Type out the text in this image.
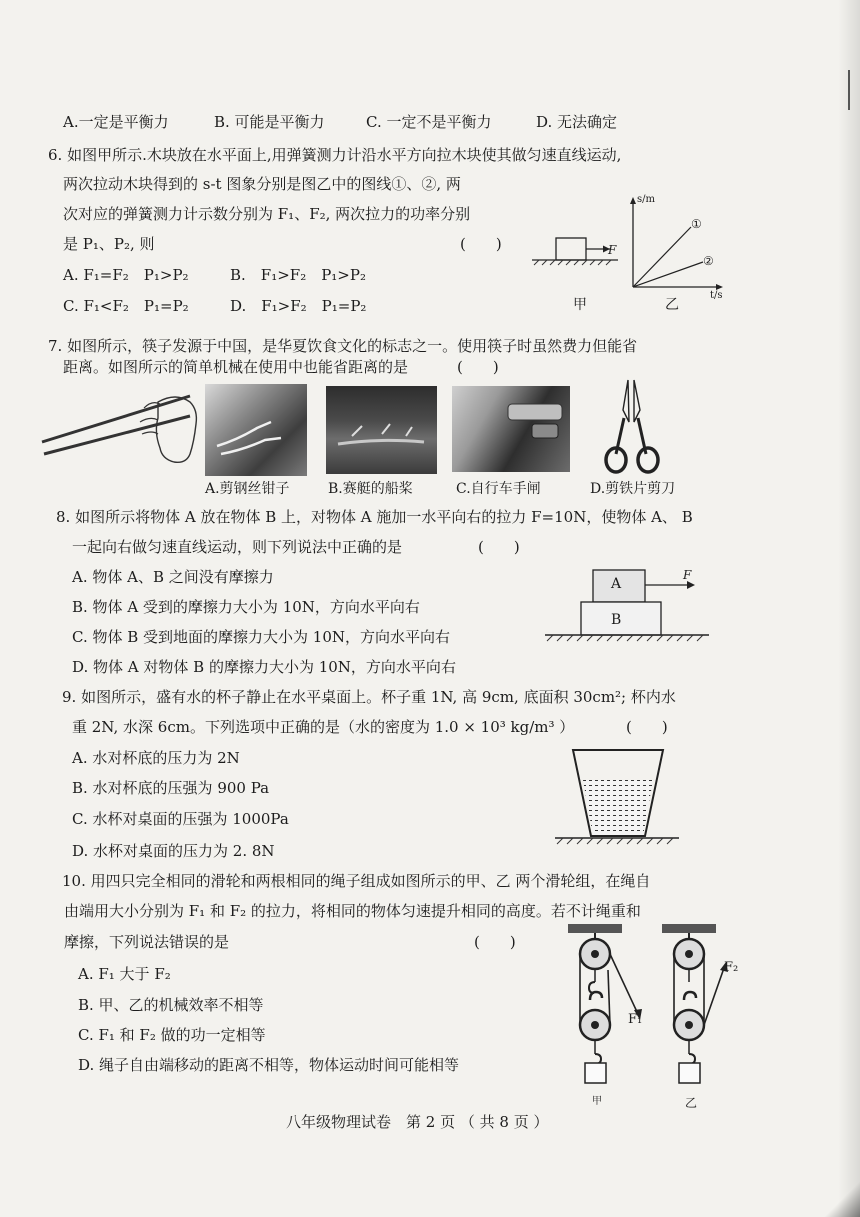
A.一定是平衡力	B. 可能是平衡力	C. 一定不是平衡力	D. 无法确定
6. 如图甲所示.木块放在水平面上,用弹簧测力计沿水平方向拉木块使其做匀速直线运动,
两次拉动木块得到的 s-t 图象分别是图乙中的图线①、②, 两
次对应的弹簧测力计示数分别为 F₁、F₂, 两次拉力的功率分别
是 P₁、P₂, 则	(　　)
A. F₁=F₂　P₁>P₂	B.　F₁>F₂　P₁>P₂
C. F₁<F₂　P₁=P₂	D.　F₁>F₂　P₁=P₂
F
甲
s/m
t/s
①
②
乙
7. 如图所示，筷子发源于中国，是华夏饮食文化的标志之一。使用筷子时虽然费力但能省
距离。如图所示的简单机械在使用中也能省距离的是	(　　)
A.剪钢丝钳子	B.赛艇的船桨	C.自行车手闸	D.剪铁片剪刀
8. 如图所示将物体 A 放在物体 B 上，对物体 A 施加一水平向右的拉力 F=10N，使物体 A、 B
一起向右做匀速直线运动，则下列说法中正确的是	(　　)
A. 物体 A、B 之间没有摩擦力
B. 物体 A 受到的摩擦力大小为 10N，方向水平向右
C. 物体 B 受到地面的摩擦力大小为 10N，方向水平向右
D. 物体 A 对物体 B 的摩擦力大小为 10N，方向水平向右
A
B
F
9. 如图所示，盛有水的杯子静止在水平桌面上。杯子重 1N, 高 9cm, 底面积 30cm²; 杯内水
重 2N, 水深 6cm。下列选项中正确的是（水的密度为 1.0 × 10³ kg/m³ ）	(　　)
A. 水对杯底的压力为 2N
B. 水对杯底的压强为 900 Pa
C. 水杯对桌面的压强为 1000Pa
D. 水杯对桌面的压力为 2. 8N
10. 用四只完全相同的滑轮和两根相同的绳子组成如图所示的甲、乙 两个滑轮组，在绳自
由端用大小分别为 F₁ 和 F₂ 的拉力，将相同的物体匀速提升相同的高度。若不计绳重和
摩擦，下列说法错误的是	(　　)
A. F₁ 大于 F₂
B. 甲、乙的机械效率不相等
C. F₁ 和 F₂ 做的功一定相等
D. 绳子自由端移动的距离不相等，物体运动时间可能相等
F₁
甲
F₂
乙
八年级物理试卷　第 2 页 （ 共 8 页 ）
